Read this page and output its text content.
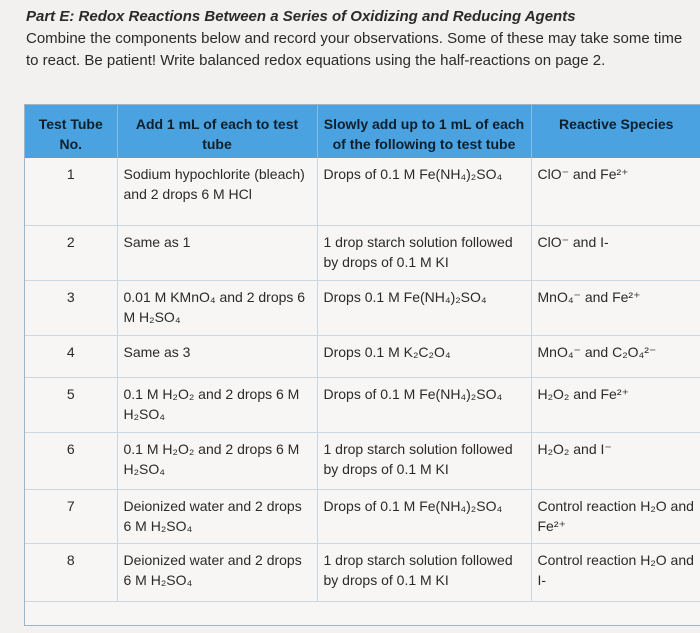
Part E: Redox Reactions Between a Series of Oxidizing and Reducing Agents
Combine the components below and record your observations. Some of these may take some time to react. Be patient! Write balanced redox equations using the half-reactions on page 2.
Test Tube No.	Add 1 mL of each to test tube	Slowly add up to 1 mL of each of the following to test tube	Reactive Species
1	Sodium hypochlorite (bleach) and 2 drops 6 M HCl	Drops of 0.1 M Fe(NH₄)₂SO₄	ClO⁻ and Fe²⁺
2	Same as 1	1 drop starch solution followed by drops of 0.1 M KI	ClO⁻ and I-
3	0.01 M KMnO₄ and 2 drops 6 M H₂SO₄	Drops 0.1 M Fe(NH₄)₂SO₄	MnO₄⁻ and Fe²⁺
4	Same as 3	Drops 0.1 M K₂C₂O₄	MnO₄⁻ and C₂O₄²⁻
5	0.1 M H₂O₂ and 2 drops 6 M H₂SO₄	Drops of 0.1 M Fe(NH₄)₂SO₄	H₂O₂ and Fe²⁺
6	0.1 M H₂O₂ and 2 drops 6 M H₂SO₄	1 drop starch solution followed by drops of 0.1 M KI	H₂O₂ and I⁻
7	Deionized water and 2 drops 6 M H₂SO₄	Drops of 0.1 M Fe(NH₄)₂SO₄	Control reaction H₂O and Fe²⁺
8	Deionized water and 2 drops 6 M H₂SO₄	1 drop starch solution followed by drops of 0.1 M KI	Control reaction H₂O and I-
